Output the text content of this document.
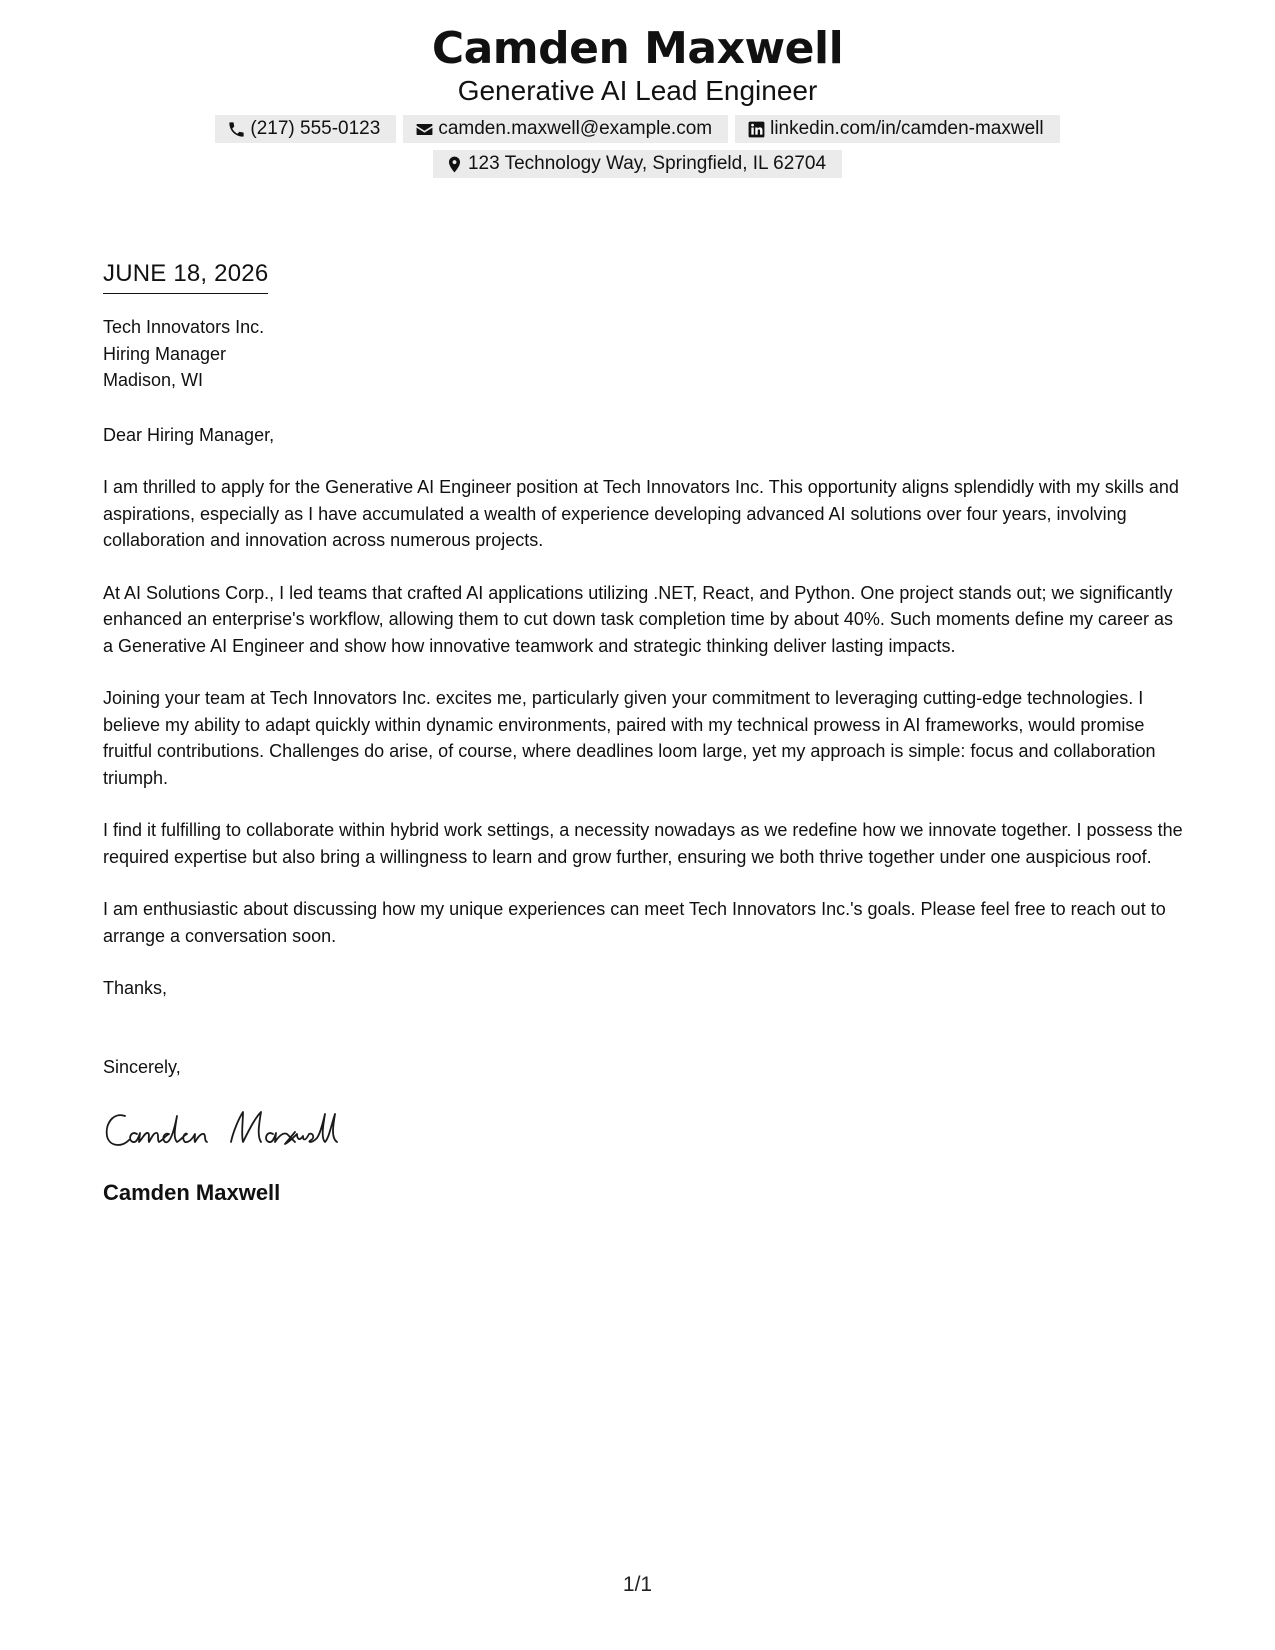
Camden Maxwell
Generative AI Lead Engineer
(217) 555-0123	camden.maxwell@example.com	linkedin.com/in/camden-maxwell
123 Technology Way, Springfield, IL 62704
JUNE 18, 2026
Tech Innovators Inc.
Hiring Manager
Madison, WI
Dear Hiring Manager,
I am thrilled to apply for the Generative AI Engineer position at Tech Innovators Inc. This opportunity aligns splendidly with my skills and aspirations, especially as I have accumulated a wealth of experience developing advanced AI solutions over four years, involving collaboration and innovation across numerous projects.
At AI Solutions Corp., I led teams that crafted AI applications utilizing .NET, React, and Python. One project stands out; we significantly enhanced an enterprise's workflow, allowing them to cut down task completion time by about 40%. Such moments define my career as a Generative AI Engineer and show how innovative teamwork and strategic thinking deliver lasting impacts.
Joining your team at Tech Innovators Inc. excites me, particularly given your commitment to leveraging cutting-edge technologies. I believe my ability to adapt quickly within dynamic environments, paired with my technical prowess in AI frameworks, would promise fruitful contributions. Challenges do arise, of course, where deadlines loom large, yet my approach is simple: focus and collaboration triumph.
I find it fulfilling to collaborate within hybrid work settings, a necessity nowadays as we redefine how we innovate together. I possess the required expertise but also bring a willingness to learn and grow further, ensuring we both thrive together under one auspicious roof.
I am enthusiastic about discussing how my unique experiences can meet Tech Innovators Inc.'s goals. Please feel free to reach out to arrange a conversation soon.
Thanks,
Sincerely,
Camden Maxwell
1/1
